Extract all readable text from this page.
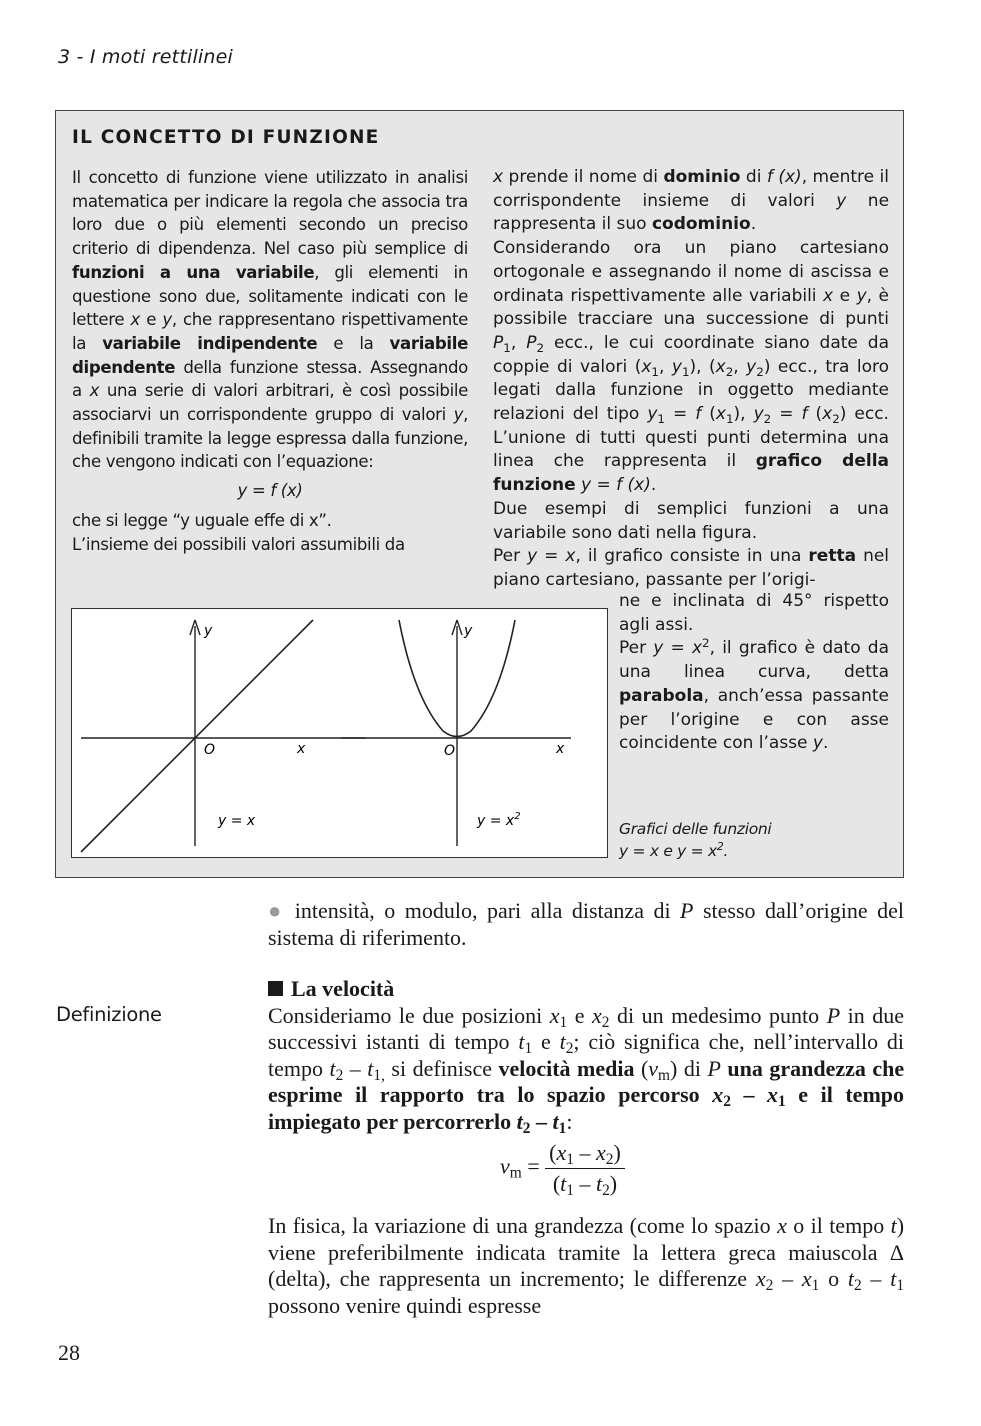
3 - I moti rettilinei
IL CONCETTO DI FUNZIONE

Il concetto di funzione viene utilizzato in analisi matematica per indicare la regola che associa tra loro due o più elementi secondo un preciso criterio di dipendenza. Nel caso più semplice di funzioni a una variabile, gli elementi in questione sono due, solitamente indicati con le lettere x e y, che rappresentano rispettivamente la variabile indipendente e la variabile dipendente della funzione stessa. Assegnando a x una serie di valori arbitrari, è così possibile associarvi un corrispondente gruppo di valori y, definibili tramite la legge espressa dalla funzione, che vengono indicati con l’equazione:

y = f (x)

che si legge “y uguale effe di x”.

L’insieme dei possibili valori assumibili da

x prende il nome di dominio di f (x), mentre il corrispondente insieme di valori y ne rappresenta il suo codominio.

Considerando ora un piano cartesiano ortogonale e assegnando il nome di ascissa e ordinata rispettivamente alle variabili x e y, è possibile tracciare una successione di punti $P_1$, $P_2$ ecc., le cui coordinate siano date da coppie di valori ($x_1$, $y_1$), ($x_2$, $y_2$) ecc., tra loro legati dalla funzione in oggetto mediante relazioni del tipo $y_1 = f$ $(x_1)$, $y_2 = f$ $(x_2)$ ecc. L’unione di tutti questi punti determina una linea che rappresenta il grafico della funzione y = f (x).

Due esempi di semplici funzioni a una variabile sono dati nella figura.

Per y = x, il grafico consiste in una retta nel piano cartesiano, passante per l’origi-

ne e inclinata di 45° rispetto agli assi.

Per $y = x^2$, il grafico è dato da una linea curva, detta parabola, anch’essa passante per l’origine e con asse coincidente con l’asse y.

y
O	x
y = x
y
O	x
$y = x^2$
Grafici delle funzioni
y = x e $y = x^2$.

● intensità, o modulo, pari alla distanza di P stesso dall’origine del sistema di riferimento.

Definizione
La velocità

Consideriamo le due posizioni $x_1$ e $x_2$ di un medesimo punto P in due successivi istanti di tempo $t_1$ e $t_2$; ciò significa che, nell’intervallo di tempo $t_2 - t_{1,}$ si definisce velocità media $(v_m)$ di P una grandezza che esprime il rapporto tra lo spazio percorso $x_2 - x_1$ e il tempo impiegato per percorrerlo $t_2 - t_1$:

$v_m = \frac{(x_1 - x_2)}{(t_1 - t_2)}$

In fisica, la variazione di una grandezza (come lo spazio x o il tempo t) viene preferibilmente indicata tramite la lettera greca maiuscola Δ (delta), che rappresenta un incremento; le differenze $x_2 - x_1$ o $t_2 - t_1$ possono venire quindi espresse

28
